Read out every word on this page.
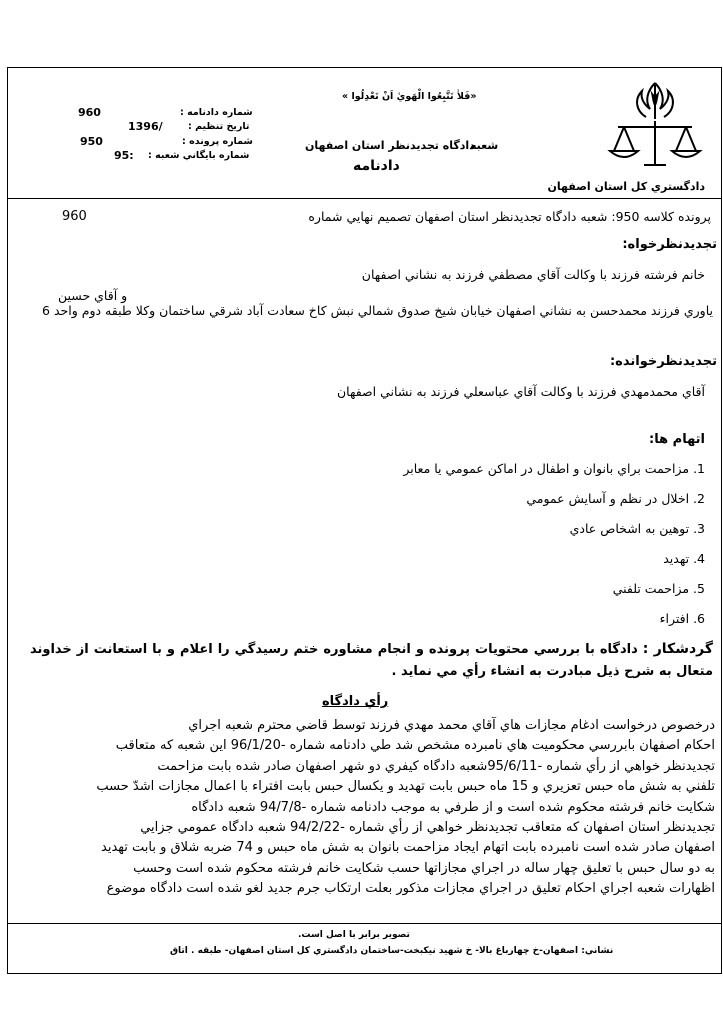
دادگستري كل استان اصفهان
«فَلاٰ تَتَّبِعُوا الْهَويٰ اَنْ تَعْدِلُوا »
شعبه
دادگاه تجديدنظر استان اصفهان
دادنامه
شماره دادنامه :
960
تاريخ تنظيم :
1396/
شماره پرونده :
950
شماره بايگاني شعبه :
95:
پرونده كلاسه 950: شعبه دادگاه تجديدنظر استان اصفهان تصميم نهايي شماره
960
تجديدنظرخواه:
خانم فرشته فرزند با وكالت آقاي مصطفي فرزند به نشاني اصفهان
و آقاي حسين
ياوري فرزند محمدحسن به نشاني اصفهان خيابان شيخ صدوق شمالي نبش كاخ سعادت آباد شرقي ساختمان وكلا طبقه دوم واحد 6
تجديدنظرخوانده:
آقاي محمدمهدي فرزند با وكالت آقاي عباسعلي فرزند به نشاني اصفهان
اتهام ها:
1. مزاحمت براي بانوان و اطفال در اماكن عمومي يا معابر
2. اخلال در نظم و آسايش عمومي
3. توهين به اشخاص عادي
4. تهديد
5. مزاحمت تلفني
6. افتراء
گردشكار : دادگاه با بررسي محتويات پرونده و انجام مشاوره ختم رسيدگي را اعلام و با استعانت از خداوند متعال به شرح ذيل مبادرت به انشاء رأي مي نمايد .
رأي دادگاه
درخصوص درخواست ادغام مجازات هاي آقاي محمد مهدي فرزند توسط قاضي محترم شعبه اجراي
احكام اصفهان بابررسي محكوميت هاي نامبرده مشخص شد طي دادنامه شماره -96/1/20 اين شعبه كه متعاقب
تجديدنظر خواهي از رأي شماره -95/6/11شعبه دادگاه كيفري دو شهر اصفهان صادر شده بابت مزاحمت
تلفني به شش ماه حبس تعزيري و 15 ماه حبس بابت تهديد و يكسال حبس بابت افتراء با اعمال مجازات اشدّ حسب
شكايت خانم فرشته محكوم شده است و از طرفي به موجب دادنامه شماره -94/7/8 شعبه دادگاه
تجديدنظر استان اصفهان كه متعاقب تجديدنظر خواهي از رأي شماره -94/2/22 شعبه دادگاه عمومي جزايي
اصفهان صادر شده است نامبرده بابت اتهام ايجاد مزاحمت بانوان به شش ماه حبس و 74 ضربه شلاق و بابت تهديد
به دو سال حبس با تعليق چهار ساله در اجراي مجازاتها حسب شكايت خانم فرشته محكوم شده است وحسب
اظهارات شعبه اجراي احكام تعليق در اجراي مجازات مذكور بعلت ارتكاب جرم جديد لغو شده است دادگاه موضوع
تصوير برابر با اصل است.
نشاني: اصفهان-خ چهارباغ بالا- خ شهيد نيكبخت-ساختمان دادگستري كل استان اصفهان- طبقه . اتاق
